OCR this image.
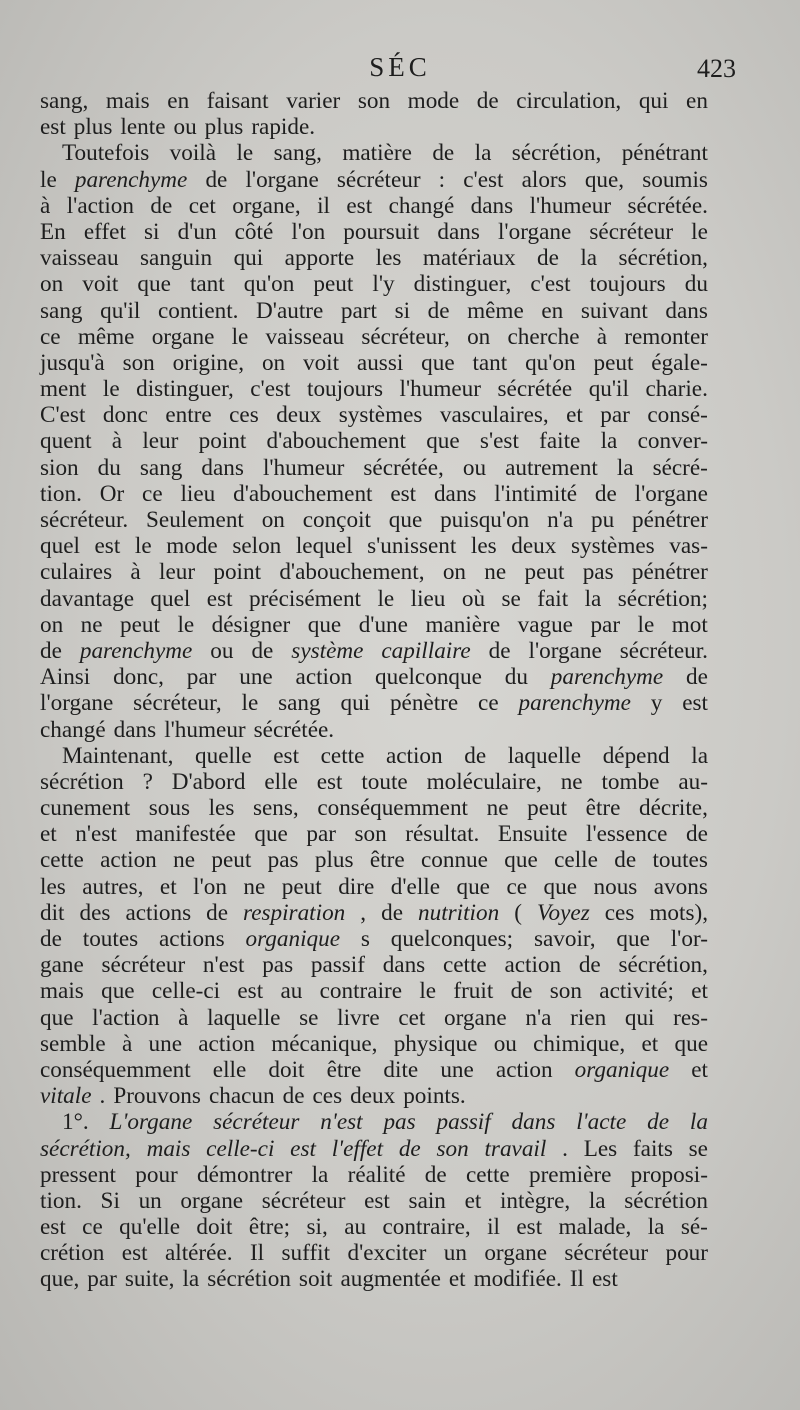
SÉC	423
sang, mais en faisant varier son mode de circulation, qui en
est plus lente ou plus rapide.
Toutefois voilà le sang, matière de la sécrétion, pénétrant
le parenchyme de l'organe sécréteur : c'est alors que, soumis
à l'action de cet organe, il est changé dans l'humeur sécrétée.
En effet si d'un côté l'on poursuit dans l'organe sécréteur le
vaisseau sanguin qui apporte les matériaux de la sécrétion,
on voit que tant qu'on peut l'y distinguer, c'est toujours du
sang qu'il contient. D'autre part si de même en suivant dans
ce même organe le vaisseau sécréteur, on cherche à remonter
jusqu'à son origine, on voit aussi que tant qu'on peut égale-
ment le distinguer, c'est toujours l'humeur sécrétée qu'il charie.
C'est donc entre ces deux systèmes vasculaires, et par consé-
quent à leur point d'abouchement que s'est faite la conver-
sion du sang dans l'humeur sécrétée, ou autrement la sécré-
tion. Or ce lieu d'abouchement est dans l'intimité de l'organe
sécréteur. Seulement on conçoit que puisqu'on n'a pu pénétrer
quel est le mode selon lequel s'unissent les deux systèmes vas-
culaires à leur point d'abouchement, on ne peut pas pénétrer
davantage quel est précisément le lieu où se fait la sécrétion;
on ne peut le désigner que d'une manière vague par le mot
de parenchyme ou de système capillaire de l'organe sécréteur.
Ainsi donc, par une action quelconque du parenchyme de
l'organe sécréteur, le sang qui pénètre ce parenchyme y est
changé dans l'humeur sécrétée.
Maintenant, quelle est cette action de laquelle dépend la
sécrétion ? D'abord elle est toute moléculaire, ne tombe au-
cunement sous les sens, conséquemment ne peut être décrite,
et n'est manifestée que par son résultat. Ensuite l'essence de
cette action ne peut pas plus être connue que celle de toutes
les autres, et l'on ne peut dire d'elle que ce que nous avons
dit des actions de respiration , de nutrition ( Voyez ces mots),
de toutes actions organique s quelconques; savoir, que l'or-
gane sécréteur n'est pas passif dans cette action de sécrétion,
mais que celle-ci est au contraire le fruit de son activité; et
que l'action à laquelle se livre cet organe n'a rien qui res-
semble à une action mécanique, physique ou chimique, et que
conséquemment elle doit être dite une action organique et
vitale . Prouvons chacun de ces deux points.
1°. L'organe sécréteur n'est pas passif dans l'acte de la
sécrétion, mais celle-ci est l'effet de son travail . Les faits se
pressent pour démontrer la réalité de cette première proposi-
tion. Si un organe sécréteur est sain et intègre, la sécrétion
est ce qu'elle doit être; si, au contraire, il est malade, la sé-
crétion est altérée. Il suffit d'exciter un organe sécréteur pour
que, par suite, la sécrétion soit augmentée et modifiée. Il est
